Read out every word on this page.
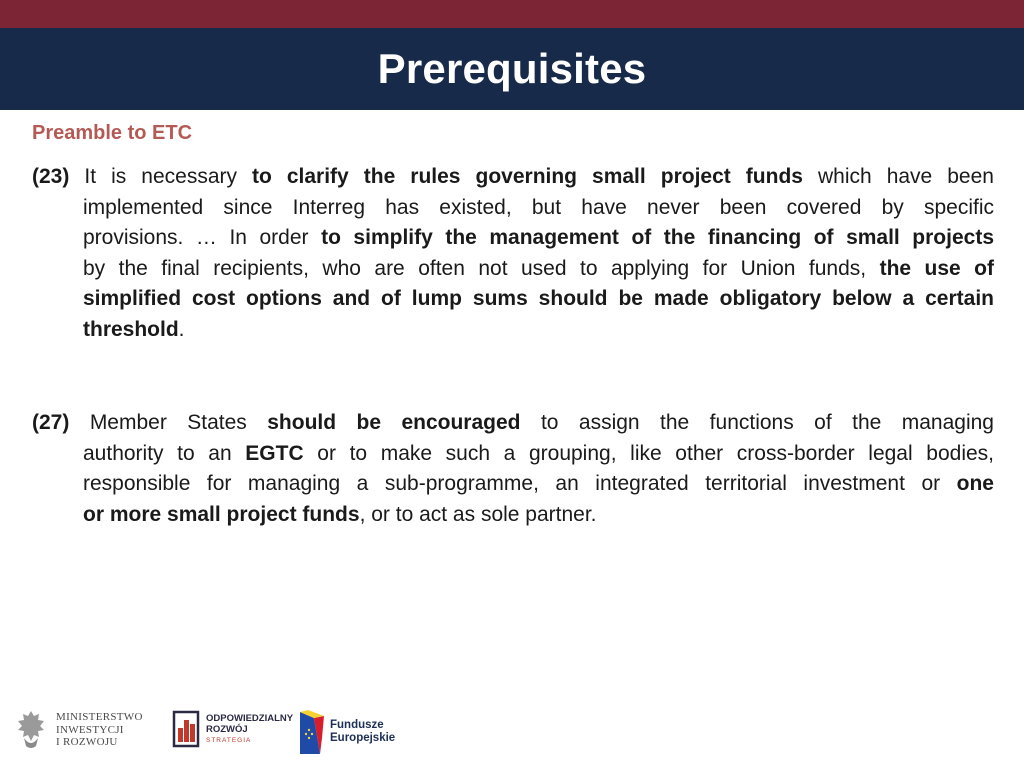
Prerequisites
Preamble to ETC
(23) It is necessary to clarify the rules governing small project funds which have been
implemented since Interreg has existed, but have never been covered by specific
provisions. … In order to simplify the management of the financing of small projects
by the final recipients, who are often not used to applying for Union funds, the use of
simplified cost options and of lump sums should be made obligatory below a certain
threshold.
(27) Member States should be encouraged to assign the functions of the managing
authority to an EGTC or to make such a grouping, like other cross-border legal bodies,
responsible for managing a sub-programme, an integrated territorial investment or one
or more small project funds, or to act as sole partner.
MINISTERSTWO
INWESTYCJI
I ROZWOJU
ODPOWIEDZIALNY
ROZWÓJ
STRATEGIA
Fundusze
Europejskie
